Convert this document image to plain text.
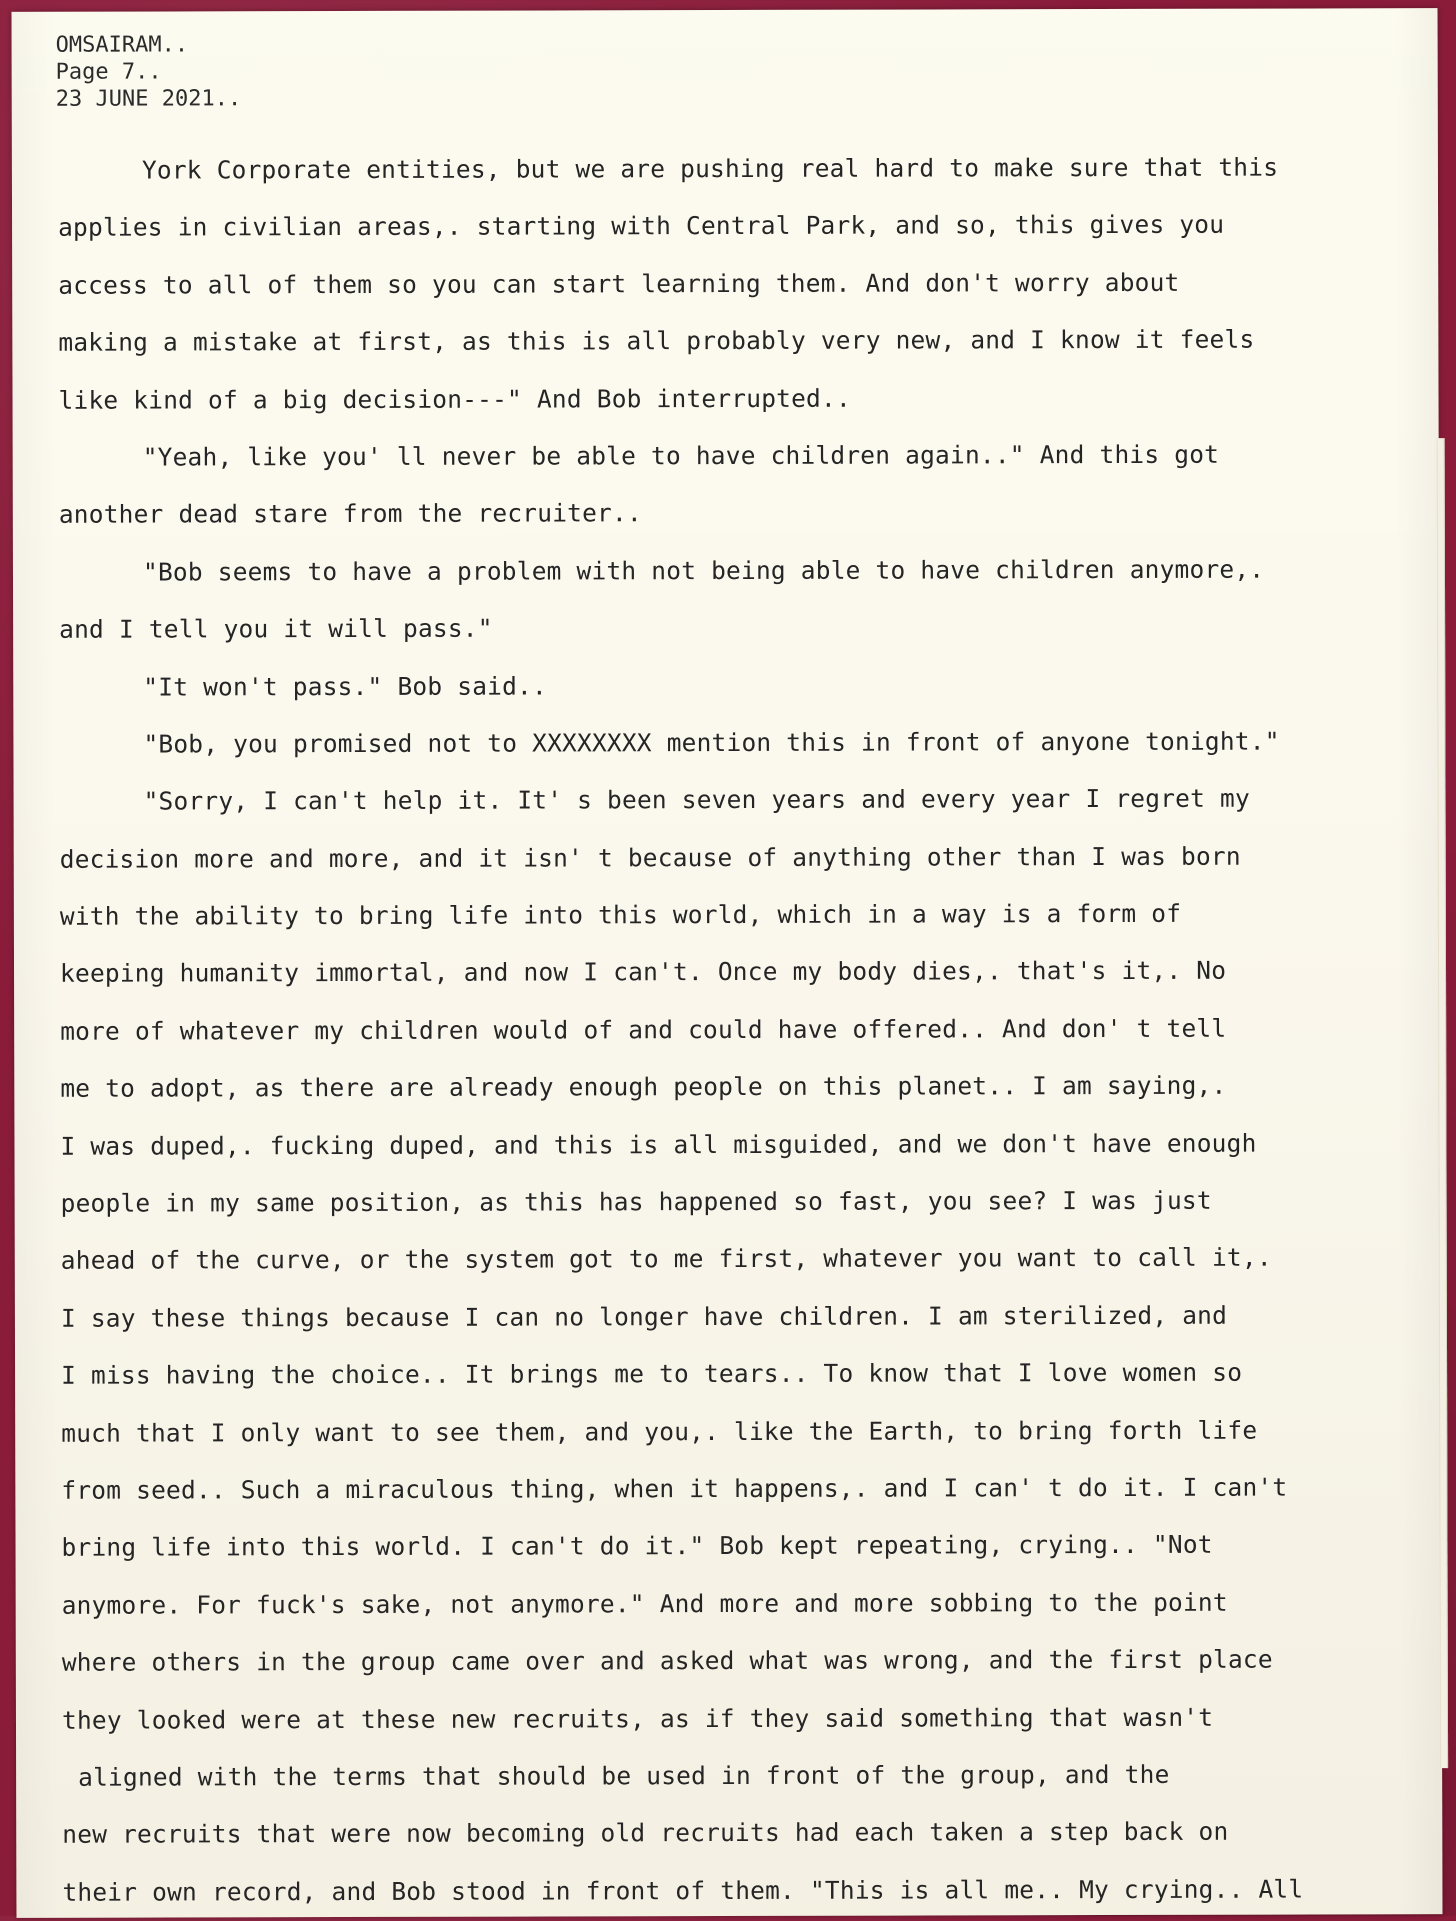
OMSAIRAM..
Page 7..
23 JUNE 2021..
York Corporate entities, but we are pushing real hard to make sure that this
applies in civilian areas,. starting with Central Park, and so, this gives you
access to all of them so you can start learning them. And don't worry about
making a mistake at first, as this is all probably very new, and I know it feels
like kind of a big decision---" And Bob interrupted..
"Yeah, like you' ll never be able to have children again.." And this got
another dead stare from the recruiter..
"Bob seems to have a problem with not being able to have children anymore,.
and I tell you it will pass."
"It won't pass." Bob said..
"Bob, you promised not to XXXXXXXX mention this in front of anyone tonight."
"Sorry, I can't help it. It' s been seven years and every year I regret my
decision more and more, and it isn' t because of anything other than I was born
with the ability to bring life into this world, which in a way is a form of
keeping humanity immortal, and now I can't. Once my body dies,. that's it,. No
more of whatever my children would of and could have offered.. And don' t tell
me to adopt, as there are already enough people on this planet.. I am saying,.
I was duped,. fucking duped, and this is all misguided, and we don't have enough
people in my same position, as this has happened so fast, you see? I was just
ahead of the curve, or the system got to me first, whatever you want to call it,.
I say these things because I can no longer have children. I am sterilized, and
I miss having the choice.. It brings me to tears.. To know that I love women so
much that I only want to see them, and you,. like the Earth, to bring forth life
from seed.. Such a miraculous thing, when it happens,. and I can' t do it. I can't
bring life into this world. I can't do it." Bob kept repeating, crying.. "Not
anymore. For fuck's sake, not anymore." And more and more sobbing to the point
where others in the group came over and asked what was wrong, and the first place
they looked were at these new recruits, as if they said something that wasn't
aligned with the terms that should be used in front of the group, and the
new recruits that were now becoming old recruits had each taken a step back on
their own record, and Bob stood in front of them. "This is all me.. My crying.. All
